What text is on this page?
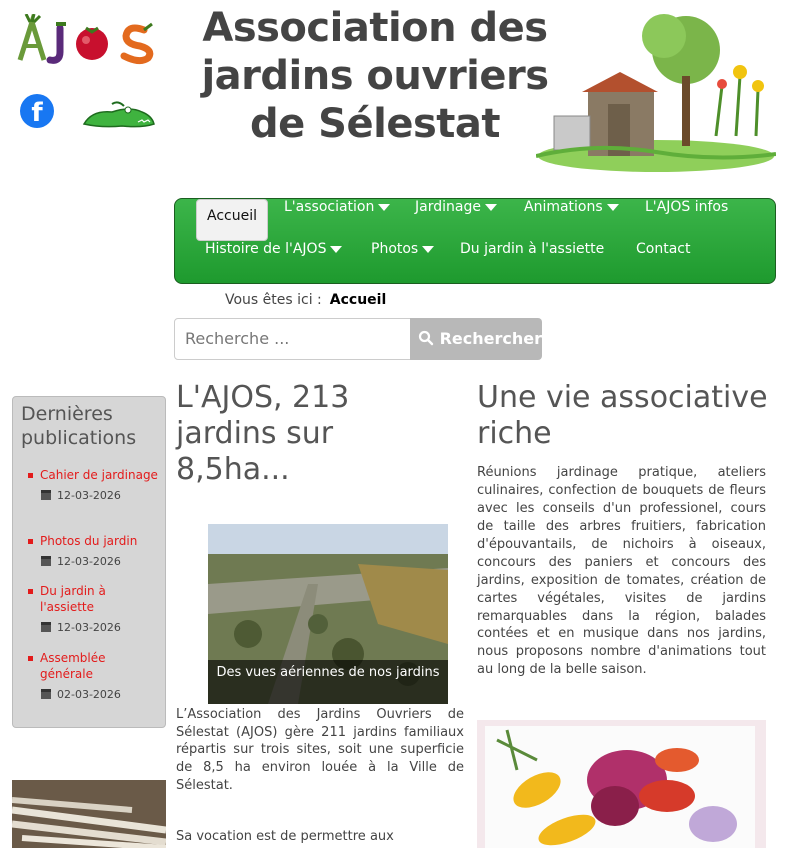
f
Association des
jardins ouvriers
de Sélestat
Accueil
L'association	Jardinage	Animations	L'AJOS infos
Histoire de l'AJOS	Photos	Du jardin à l'assiette	Contact
Vous êtes ici : Accueil
Recherche ...	Rechercher
Dernières publications
Cahier de jardinage
12-03-2026
Photos du jardin
12-03-2026
Du jardin à l'assiette
12-03-2026
Assemblée générale
02-03-2026
L'AJOS, 213 jardins sur 8,5ha...
Des vues aériennes de nos jardins

L’Association des Jardins Ouvriers de Sélestat (AJOS) gère 211 jardins familiaux répartis sur trois sites, soit une superficie de 8,5 ha environ louée à la Ville de Sélestat.

Sa vocation est de permettre aux

Une vie associative riche

Réunions jardinage pratique, ateliers culinaires, confection de bouquets de fleurs avec les conseils d'un professionel, cours de taille des arbres fruitiers, fabrication d'épouvantails, de nichoirs à oiseaux, concours des paniers et concours des jardins, exposition de tomates, création de cartes végétales, visites de jardins remarquables dans la région, balades contées et en musique dans nos jardins, nous proposons nombre d'animations tout au long de la belle saison.
